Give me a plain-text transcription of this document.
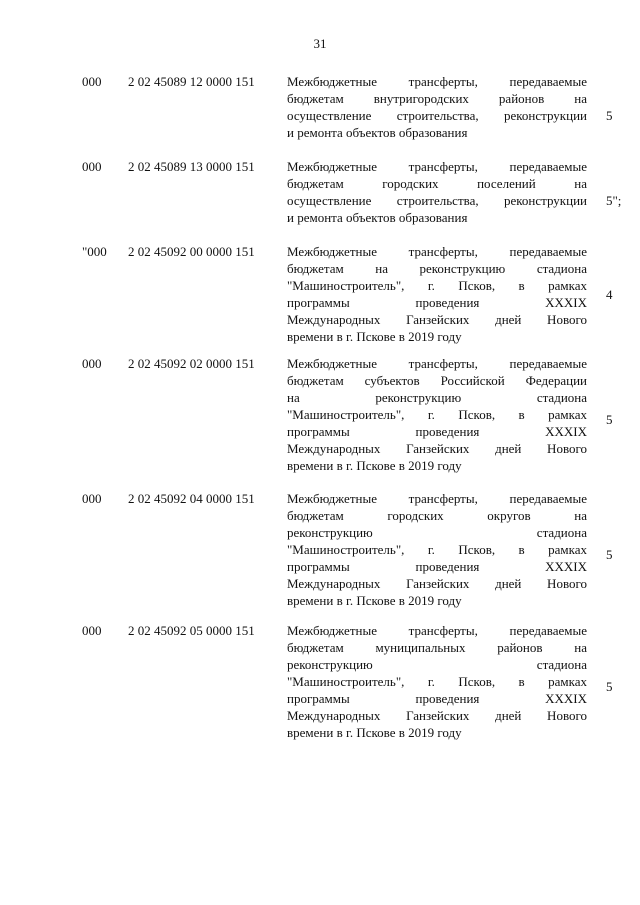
31
000 2 02 45089 12 0000 151 Межбюджетные трансферты, передаваемые
бюджетам внутригородских районов на
осуществление строительства, реконструкции
и ремонта объектов образования
5
000 2 02 45089 13 0000 151 Межбюджетные трансферты, передаваемые
бюджетам городских поселений на
осуществление строительства, реконструкции
и ремонта объектов образования
5";
"000 2 02 45092 00 0000 151 Межбюджетные трансферты, передаваемые
бюджетам на реконструкцию стадиона
"Машиностроитель", г. Псков, в рамках
программы проведения XXXIX
Международных Ганзейских дней Нового
времени в г. Пскове в 2019 году
4
000 2 02 45092 02 0000 151 Межбюджетные трансферты, передаваемые
бюджетам субъектов Российской Федерации
на реконструкцию стадиона
"Машиностроитель", г. Псков, в рамках
программы проведения XXXIX
Международных Ганзейских дней Нового
времени в г. Пскове в 2019 году
5
000 2 02 45092 04 0000 151 Межбюджетные трансферты, передаваемые
бюджетам городских округов на
реконструкцию стадиона
"Машиностроитель", г. Псков, в рамках
программы проведения XXXIX
Международных Ганзейских дней Нового
времени в г. Пскове в 2019 году
5
000 2 02 45092 05 0000 151 Межбюджетные трансферты, передаваемые
бюджетам муниципальных районов на
реконструкцию стадиона
"Машиностроитель", г. Псков, в рамках
программы проведения XXXIX
Международных Ганзейских дней Нового
времени в г. Пскове в 2019 году
5
